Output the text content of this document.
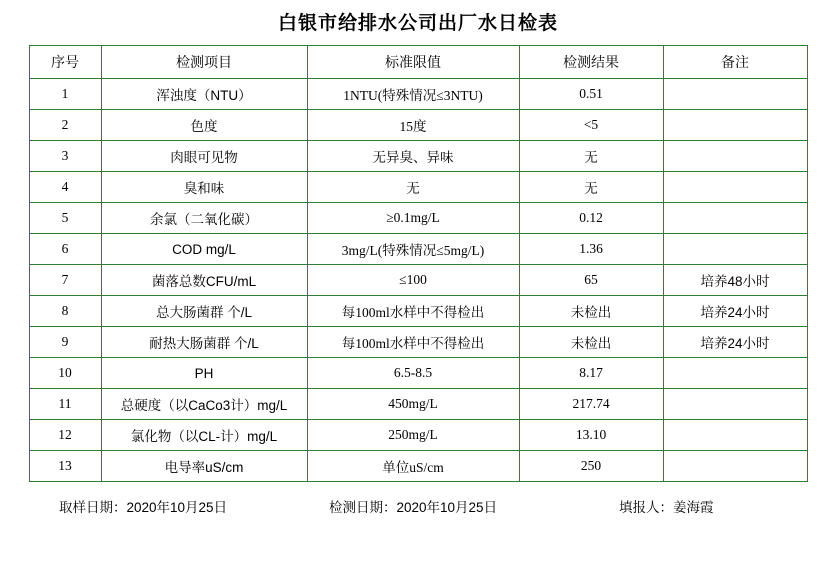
白银市给排水公司出厂水日检表
序号	检测项目	标准限值	检测结果	备注
1	浑浊度（NTU）	1NTU(特殊情况≤3NTU)	0.51	
2	色度	15度	<5	
3	肉眼可见物	无异臭、异味	无	
4	臭和味	无	无	
5	余氯（二氧化碳）	≥0.1mg/L	0.12	
6	COD mg/L	3mg/L(特殊情况≤5mg/L)	1.36	
7	菌落总数CFU/mL	≤100	65	培养48小时
8	总大肠菌群 个/L	每100ml水样中不得检出	未检出	培养24小时
9	耐热大肠菌群 个/L	每100ml水样中不得检出	未检出	培养24小时
10	PH	6.5-8.5	8.17	
11	总硬度（以CaCo3计）mg/L	450mg/L	217.74	
12	氯化物（以CL-计）mg/L	250mg/L	13.10	
13	电导率uS/cm	单位uS/cm	250	
取样日期：2020年10月25日	检测日期：2020年10月25日	填报人：姜海霞
